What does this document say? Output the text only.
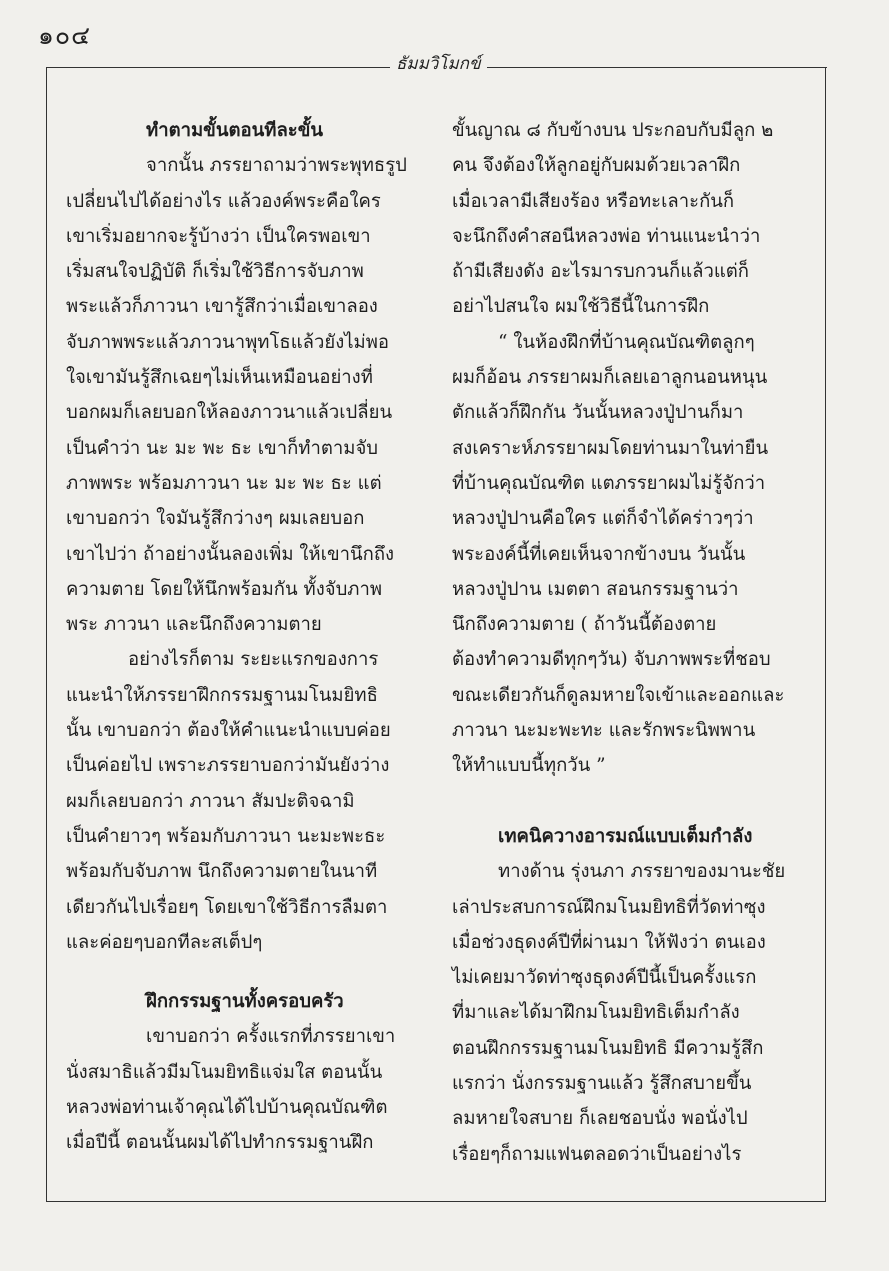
๑๐๔
ธัมมวิโมกข์
ทำตามขั้นตอนทีละขั้น
จากนั้น ภรรยาถามว่าพระพุทธรูป
เปลี่ยนไปได้อย่างไร แล้วองค์พระคือใคร
เขาเริ่มอยากจะรู้บ้างว่า เป็นใครพอเขา
เริ่มสนใจปฏิบัติ ก็เริ่มใช้วิธีการจับภาพ
พระแล้วก็ภาวนา เขารู้สึกว่าเมื่อเขาลอง
จับภาพพระแล้วภาวนาพุทโธแล้วยังไม่พอ
ใจเขามันรู้สึกเฉยๆไม่เห็นเหมือนอย่างที่
บอกผมก็เลยบอกให้ลองภาวนาแล้วเปลี่ยน
เป็นคำว่า นะ มะ พะ ธะ เขาก็ทำตามจับ
ภาพพระ พร้อมภาวนา นะ มะ พะ ธะ แต่
เขาบอกว่า ใจมันรู้สึกว่างๆ ผมเลยบอก
เขาไปว่า ถ้าอย่างนั้นลองเพิ่ม ให้เขานึกถึง
ความตาย โดยให้นึกพร้อมกัน ทั้งจับภาพ
พระ ภาวนา และนึกถึงความตาย
อย่างไรก็ตาม ระยะแรกของการ
แนะนำให้ภรรยาฝึกกรรมฐานมโนมยิทธิ
นั้น เขาบอกว่า ต้องให้คำแนะนำแบบค่อย
เป็นค่อยไป เพราะภรรยาบอกว่ามันยังว่าง
ผมก็เลยบอกว่า ภาวนา สัมปะติจฉามิ
เป็นคำยาวๆ พร้อมกับภาวนา นะมะพะธะ
พร้อมกับจับภาพ นึกถึงความตายในนาที
เดียวกันไปเรื่อยๆ โดยเขาใช้วิธีการลืมตา
และค่อยๆบอกทีละสเต็ปๆ
ฝึกกรรมฐานทั้งครอบครัว
เขาบอกว่า ครั้งแรกที่ภรรยาเขา
นั่งสมาธิแล้วมีมโนมยิทธิแจ่มใส ตอนนั้น
หลวงพ่อท่านเจ้าคุณได้ไปบ้านคุณบัณฑิต
เมื่อปีนี้ ตอนนั้นผมได้ไปทำกรรมฐานฝึก
ขั้นญาณ ๘ กับข้างบน ประกอบกับมีลูก ๒
คน จึงต้องให้ลูกอยู่กับผมด้วยเวลาฝึก
เมื่อเวลามีเสียงร้อง หรือทะเลาะกันก็
จะนึกถึงคำสอนีหลวงพ่อ ท่านแนะนำว่า
ถ้ามีเสียงดัง อะไรมารบกวนก็แล้วแต่ก็
อย่าไปสนใจ ผมใช้วิธีนี้ในการฝึก
“ ในห้องฝึกที่บ้านคุณบัณฑิตลูกๆ
ผมก็อ้อน ภรรยาผมก็เลยเอาลูกนอนหนุน
ตักแล้วก็ฝึกกัน วันนั้นหลวงปู่ปานก็มา
สงเคราะห์ภรรยาผมโดยท่านมาในท่ายืน
ที่บ้านคุณบัณฑิต แตภรรยาผมไม่รู้จักว่า
หลวงปู่ปานคือใคร แต่ก็จำได้คร่าวๆว่า
พระองค์นี้ที่เคยเห็นจากข้างบน วันนั้น
หลวงปู่ปาน เมตตา สอนกรรมฐานว่า
นึกถึงความตาย ( ถ้าวันนี้ต้องตาย
ต้องทำความดีทุกๆวัน) จับภาพพระที่ชอบ
ขณะเดียวกันก็ดูลมหายใจเข้าและออกและ
ภาวนา นะมะพะทะ และรักพระนิพพาน
ให้ทำแบบนี้ทุกวัน ”
เทคนิควางอารมณ์แบบเต็มกำลัง
ทางด้าน รุ่งนภา ภรรยาของมานะชัย
เล่าประสบการณ์ฝึกมโนมยิทธิที่วัดท่าซุง
เมื่อช่วงธุดงค์ปีที่ผ่านมา ให้ฟังว่า ตนเอง
ไม่เคยมาวัดท่าซุงธุดงค์ปีนี้เป็นครั้งแรก
ที่มาและได้มาฝึกมโนมยิทธิเต็มกำลัง
ตอนฝึกกรรมฐานมโนมยิทธิ มีความรู้สึก
แรกว่า นั่งกรรมฐานแล้ว รู้สึกสบายขึ้น
ลมหายใจสบาย ก็เลยชอบนั่ง พอนั่งไป
เรื่อยๆก็ถามแฟนตลอดว่าเป็นอย่างไร
